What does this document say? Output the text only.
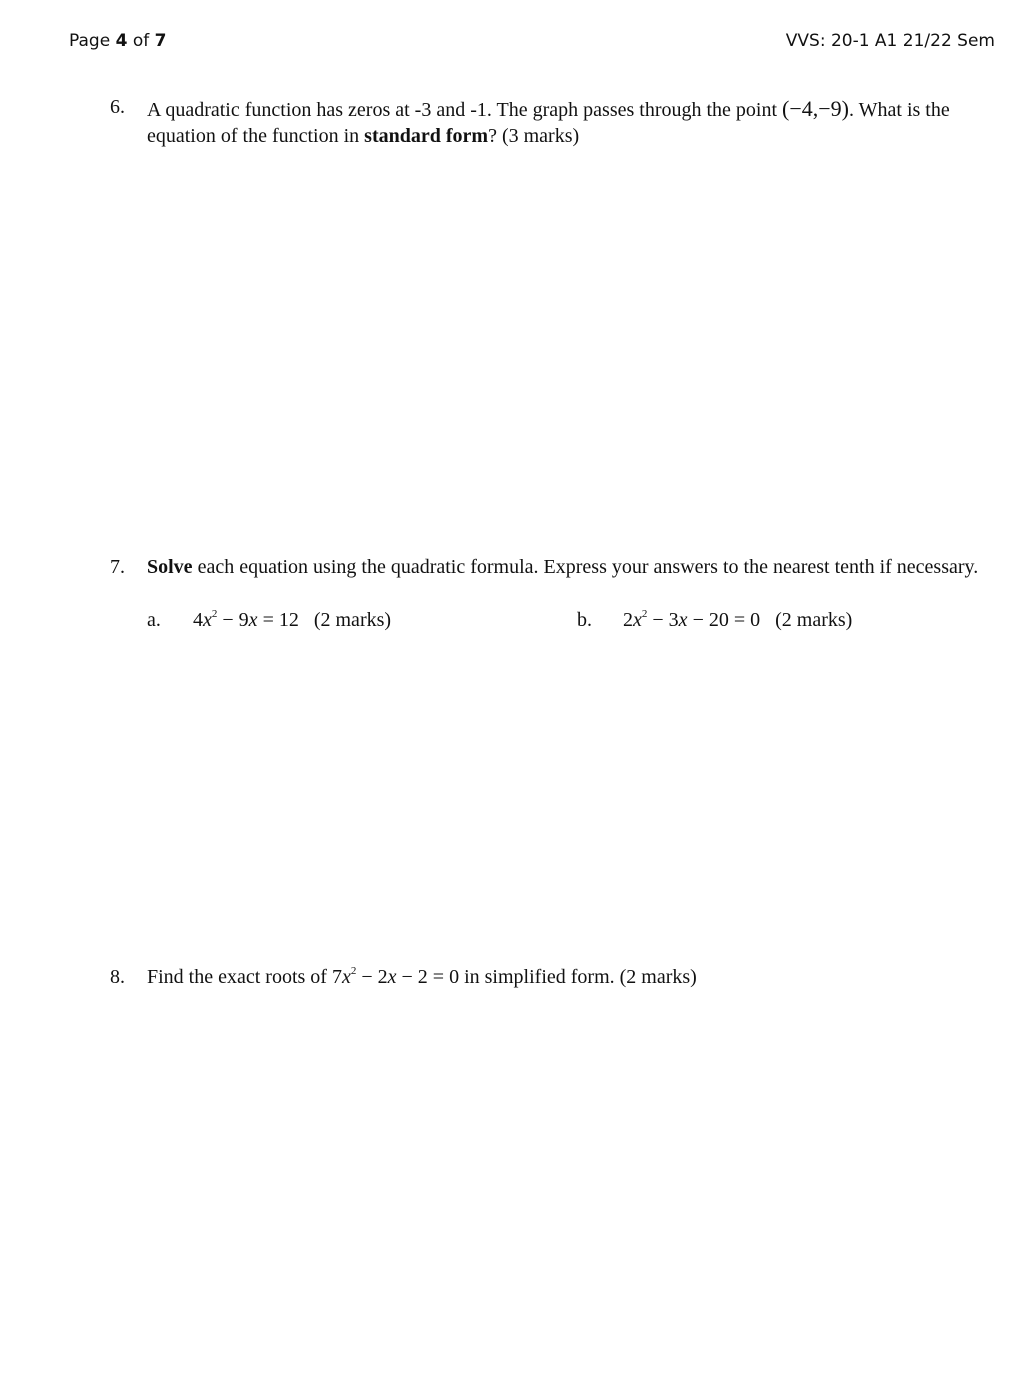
Page 4 of 7	VVS: 20-1 A1 21/22 Sem
6. A quadratic function has zeros at -3 and -1. The graph passes through the point (−4,−9). What is the equation of the function in standard form? (3 marks)
7. Solve each equation using the quadratic formula. Express your answers to the nearest tenth if necessary.
a. $4x^2 - 9x = 12$ (2 marks)	b. $2x^2 - 3x - 20 = 0$ (2 marks)
8. Find the exact roots of $7x^2 - 2x - 2 = 0$ in simplified form. (2 marks)
